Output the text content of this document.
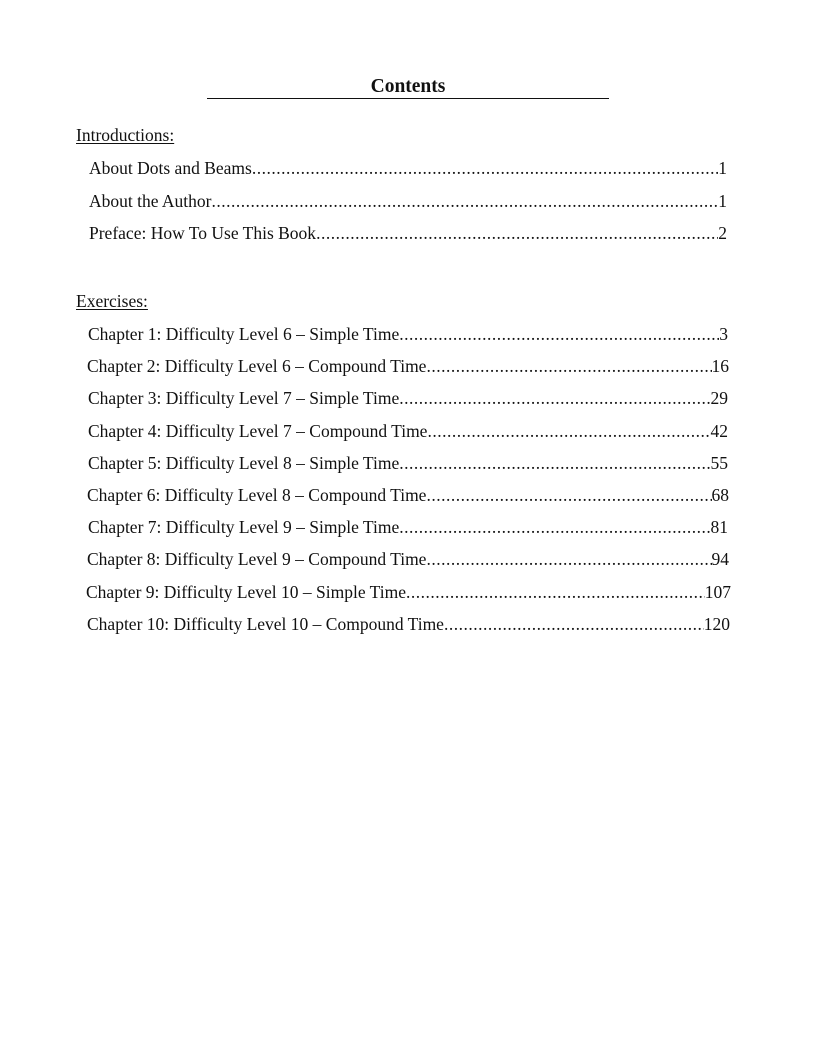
Contents
Introductions:
About Dots and Beams .....	1
About the Author .....	1
Preface: How To Use This Book .....	2
Exercises:
Chapter 1: Difficulty Level 6 – Simple Time .....	3
Chapter 2: Difficulty Level 6 – Compound Time .....	16
Chapter 3: Difficulty Level 7 – Simple Time .....	29
Chapter 4: Difficulty Level 7 – Compound Time .....	42
Chapter 5: Difficulty Level 8 – Simple Time .....	55
Chapter 6: Difficulty Level 8 – Compound Time .....	68
Chapter 7: Difficulty Level 9 – Simple Time .....	81
Chapter 8: Difficulty Level 9 – Compound Time .....	94
Chapter 9: Difficulty Level 10 – Simple Time .....	107
Chapter 10: Difficulty Level 10 – Compound Time .....	120
